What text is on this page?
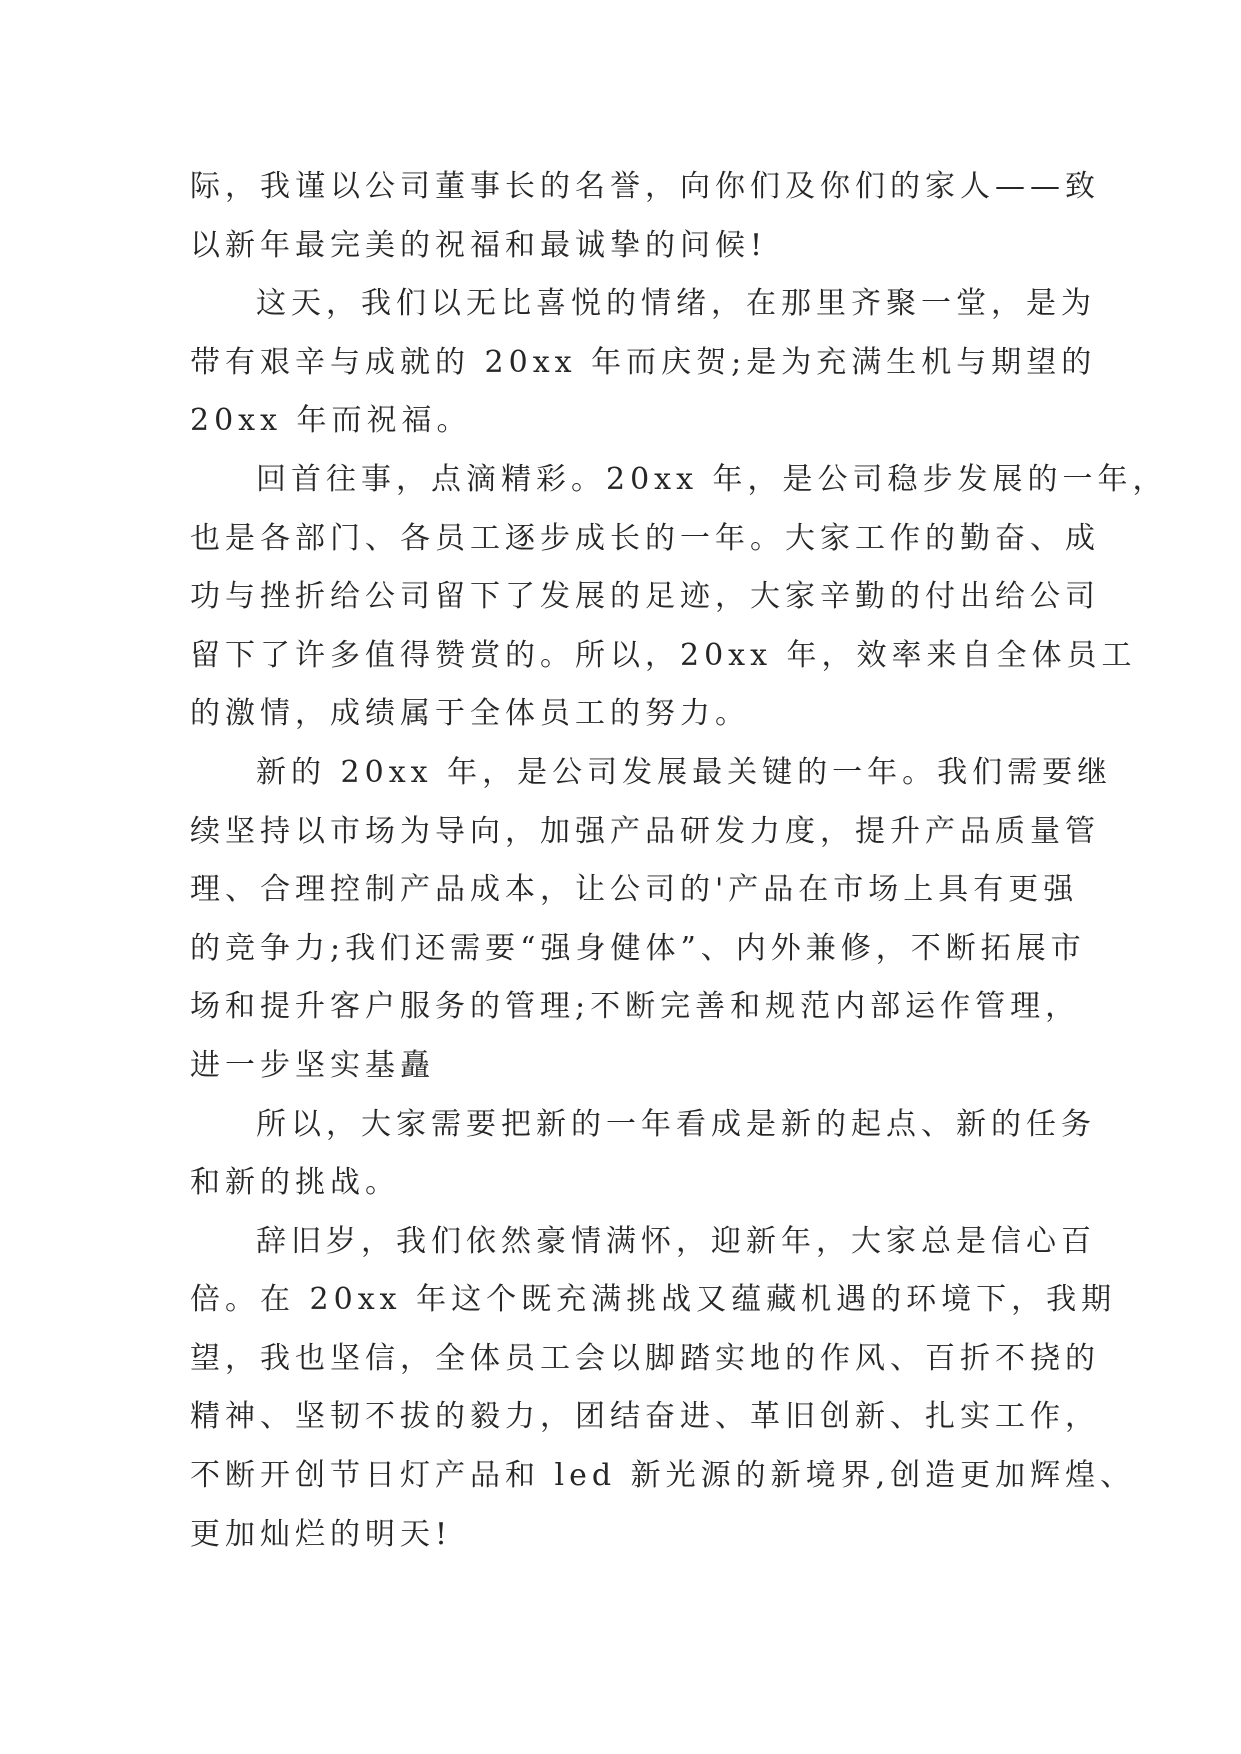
际，我谨以公司董事长的名誉，向你们及你们的家人——致
以新年最完美的祝福和最诚挚的问候!
这天，我们以无比喜悦的情绪，在那里齐聚一堂，是为
带有艰辛与成就的 20xx 年而庆贺;是为充满生机与期望的
20xx 年而祝福。
回首往事，点滴精彩。20xx 年，是公司稳步发展的一年，
也是各部门、各员工逐步成长的一年。大家工作的勤奋、成
功与挫折给公司留下了发展的足迹，大家辛勤的付出给公司
留下了许多值得赞赏的。所以，20xx 年，效率来自全体员工
的激情，成绩属于全体员工的努力。
新的 20xx 年，是公司发展最关键的一年。我们需要继
续坚持以市场为导向，加强产品研发力度，提升产品质量管
理、合理控制产品成本，让公司的'产品在市场上具有更强
的竞争力;我们还需要“强身健体”、内外兼修，不断拓展市
场和提升客户服务的管理;不断完善和规范内部运作管理，
进一步坚实基矗
所以，大家需要把新的一年看成是新的起点、新的任务
和新的挑战。
辞旧岁，我们依然豪情满怀，迎新年，大家总是信心百
倍。在 20xx 年这个既充满挑战又蕴藏机遇的环境下，我期
望，我也坚信，全体员工会以脚踏实地的作风、百折不挠的
精神、坚韧不拔的毅力，团结奋进、革旧创新、扎实工作，
不断开创节日灯产品和 led 新光源的新境界,创造更加辉煌、
更加灿烂的明天!
